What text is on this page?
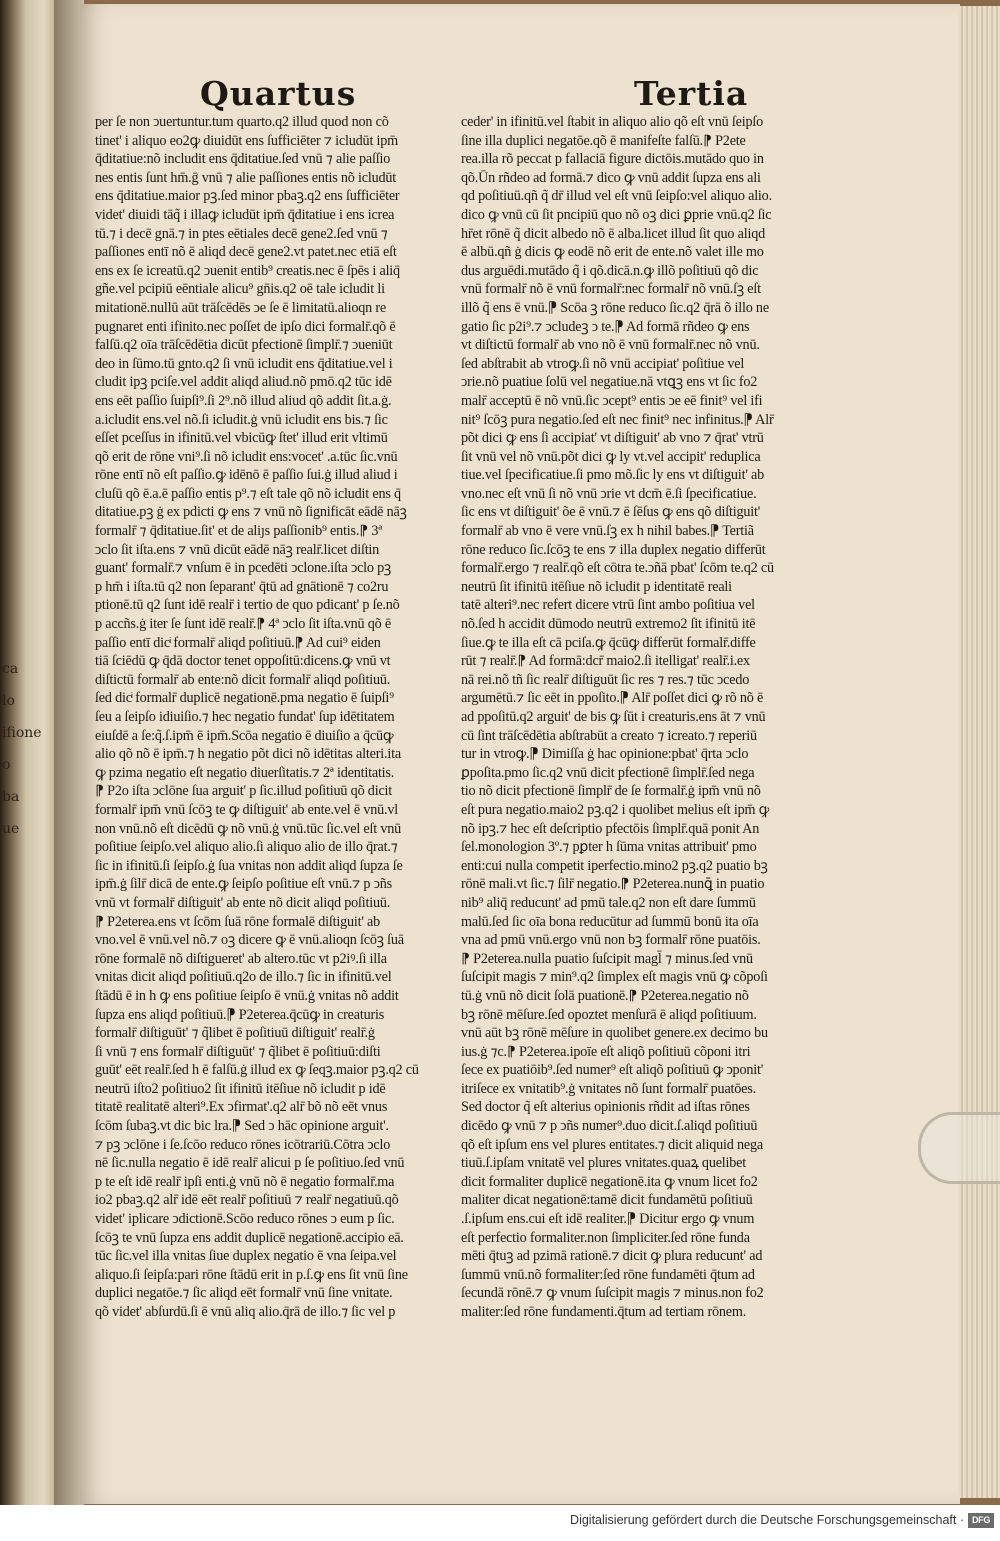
ca
lo
ifione
o
ba
ue
Quartus	Tertia
per ſe non ↄuertuntur.tum quarto.q2 illud quod non cõ
tinet' i aliquo eo2ꝙ diuidūt ens ſufficiēter ⁊ icludūt ipm̄
q̄ditatiue:nõ includit ens q̄ditatiue.ſed vnū ⁊ alie paſſio
nes entis ſunt hm̄.ḡ vnū ⁊ alie paſſiones entis nõ icludūt
ens q̄ditatiue.maior pꝫ.ſed minor pbaꝫ.q2 ens ſufficiēter
videt' diuidi tāq̃ i illaꝙ icludūt ipm̄ q̄ditatiue i ens icrea
tū.⁊ i decē gnā.⁊ in ptes eētiales decē gene2.ſed vnū ⁊
paſſiones entī nõ ē aliqd decē gene2.vt patet.nec etiā eſt
ens ex ſe icreatū.q2 ↄuenit entib⁹ creatis.nec ē ſpēs i aliq̄
gñe.vel pcipiū eēntiale alicu⁹ gn̄is.q2 oē tale icludit li
mitationē.nullū aūt trāſcēdēs ↄe ſe ē limitatū.alioqn re
pugnaret enti ifinito.nec poſſet de ipſo dici formalr̄.qõ ē
falſū.q2 oīa trāſcēdētia dicūt pfectionē ſimplr̄.⁊ ↄueniūt
deo in ſūmo.tū gnto.q2 ſi vnū icludit ens q̄ditatiue.vel i
cludit ipꝫ pciſe.vel addit aliqd aliud.nõ pmō.q2 tūc idē
ens eēt paſſio ſuipſi⁹.ſi 2⁹.nõ illud aliud qõ addit ſit.a.ġ.
a.icludit ens.vel nõ.ſi icludit.ġ vnū icludit ens bis.⁊ ſic
eſſet pceſſus in ifinitū.vel vbicūꝙ ſtet' illud erit vltimū
qõ erit de rōne vni⁹.ſi nõ icludit ens:vocet' .a.tūc ſic.vnū
rōne entī nõ eſt paſſio.ꝙ idēnō ē paſſio ſui.ġ illud aliud i
cluſū qõ ē.a.ē paſſio entis p⁹.⁊ eſt tale qõ nõ icludit ens q̄
ditatiue.pꝫ ġ ex pdicti ꝙ ens ⁊ vnū nõ ſignificāt eādē nāꝫ
formalr̄ ⁊ q̄ditatiue.ſit' et de aliȷs paſſionib⁹ entis.⁋ 3ª
ↄclo ſit iſta.ens ⁊ vnū dicūt eādē nāꝫ realr̄.licet diſtin
guant' formalr̄.⁊ vnſum ē in pcedēti ↄclone.iſta ↄclo pꝫ
p hm̄ i iſta.tū q2 non ſeparant' q̄tū ad gnātionē ⁊ co2ru
ptionē.tū q2 ſunt idē realr̄ i tertio de quo pdicant' p ſe.nõ
p accñs.ġ iter ſe ſunt idē realr̄.⁋ 4ª ↄclo ſit iſta.vnū qõ ē
paſſio entī dicͥ formalr̄ aliqd poſitiuū.⁋ Ad cui⁹ eiden
tiā ſciēdū ꝙ q̄dā doctor tenet oppoſitū:dicens.ꝙ vnū vt
diſtictū formalr̄ ab ente:nõ dicit formalr̄ aliqd poſitiuū.
ſed dicͥ formalr̄ duplicē negationē.pma negatio ē ſuipſi⁹
ſeu a ſeipſo idiuiſio.⁊ hec negatio fundat' ſup idētitatem
eiuſdē a ſe:q̃.ſ.ipm̄ ē ipm̄.Scōa negatio ē diuiſio a q̄cūꝙ
alio qõ nõ ē ipm̄.⁊ h negatio põt dici nõ idētitas alteri.ita
ꝙ pzima negatio eſt negatio diuerſitatis.⁊ 2ª identitatis.
⁋ P2o iſta ↄclōne ſua arguit' p ſic.illud poſitiuū qõ dicit
formalr̄ ipm̄ vnū ſcōꝫ te ꝙ diſtiguit' ab ente.vel ē vnū.vl
non vnū.nõ eſt dicēdū ꝙ nõ vnū.ġ vnū.tūc ſic.vel eſt vnū
poſitiue ſeipſo.vel aliquo alio.ſi aliquo alio de illo q̄rat.⁊
ſic in ifinitū.ſi ſeipſo.ġ ſua vnitas non addit aliqd ſupza ſe
ipm̄.ġ ſilr̄ dicā de ente.ꝙ ſeipſo poſitiue eſt vnū.⁊ p ↄñs
vnū vt formalr̄ diſtiguit' ab ente nõ dicit aliqd poſitiuū.
⁋ P2eterea.ens vt ſcōm ſuā rōne formalē diſtiguit' ab
vno.vel ē vnū.vel nõ.⁊ oꝫ dicere ꝙ ē vnū.alioqn ſcōꝫ ſuā
rōne formalē nõ diſtigueret' ab altero.tūc vt p2iꝰ.ſi illa
vnitas dicit aliqd poſitiuū.q2o de illo.⁊ ſic in ifinitū.vel
ſtādū ē in h ꝙ ens poſitiue ſeipſo ē vnū.ġ vnitas nõ addit
ſupza ens aliqd poſitiuū.⁋ P2eterea.q̄cūꝙ in creaturis
formalr̄ diſtiguūt' ⁊ q̃libet ē poſitiuū diſtiguit' realr̄.ġ
ſi vnū ⁊ ens formalr̄ diſtiguūt' ⁊ q̃libet ē poſitiuū:diſti
guūt' eēt realr̄.ſed h ē falſū.ġ illud ex ꝙ ſeqꝫ.maior pꝫ.q2 cū
neutrū iſto2 poſitiuo2 ſit ifinitū itēſiue nõ icludit p idē
titatē realitatē alteri⁹.Ex ↄfirmat'.q2 alr̄ bõ nõ eēt vnus
ſcōm ſubaꝫ.vt dic bic lra.⁋ Sed ↄ hāc opinione arguit'.
⁊ pꝫ ↄclōne i ſe.ſcōo reduco rōnes icōtrariū.Cōtra ↄclo
nē ſic.nulla negatio ē idē realr̄ alicui p ſe poſitiuo.ſed vnū
p te eſt idē realr̄ ipſi enti.ġ vnū nõ ē negatio formalr̄.ma
io2 pbaꝫ.q2 alr̄ idē eēt realr̄ poſitiuū ⁊ realr̄ negatiuū.qõ
videt' iplicare ↄdictionē.Scōo reduco rōnes ↄ eum p ſic.
ſcōꝫ te vnū ſupza ens addit duplicē negationē.accipio eā.
tūc ſic.vel illa vnitas ſiue duplex negatio ē vna ſeipa.vel
aliquo.ſi ſeipſa:pari rōne ſtādū erit in p.ſ.ꝙ ens ſit vnū ſine
duplici negatōe.⁊ ſic aliqd eēt formalr̄ vnū ſine vnitate.
qõ videt' abſurdū.ſi ē vnū aliq alio.q̄rā de illo.⁊ ſic vel p
ceder' in ifinitū.vel ſtabit in aliquo alio qõ eſt vnū ſeipſo
ſine illa duplici negatōe.qõ ē manifeſte falſū.⁋ P2ete
rea.illa rõ peccat p fallaciā figure dictōis.mutādo quo in
qõ.Ūn rñdeo ad formā.⁊ dico ꝙ vnū addit ſupza ens ali
qd poſitiuū.qñ q̃ dr̄ illud vel eſt vnū ſeipſo:vel aliquo alio.
dico ꝙ vnū cū ſit pncipiū quo nõ oꝫ dici ꝑprie vnū.q2 ſic
hr̄et rōnē q̃ dicit albedo nõ ē alba.licet illud ſit quo aliqd
ē albū.qñ ġ dicis ꝙ eodē nõ erit de ente.nõ valet ille mo
dus arguēdi.mutādo q̃ i qõ.dicā.n.ꝙ illõ poſitiuū qõ dic
vnū formalr̄ nõ ē vnū formalr̄:nec formalr̄ nõ vnū.ſꝫ eſt
illõ q̃ ens ē vnū.⁋ Scōa ꝫ rōne reduco ſic.q2 q̄rā õ illo ne
gatio ſic p2i⁹.⁊ ↄcludeꝫ ↄ te.⁋ Ad formā rñdeo ꝙ ens
vt diſtictū formalr̄ ab vno nõ ē vnū formalr̄.nec nõ vnū.
ſed abſtrabit ab vtroꝙ.ſi nõ vnū accipiat' poſitiue vel
ↄrie.nõ puatiue ſolū vel negatiue.nā vtꝗꝫ ens vt ſic fo2
malr̄ acceptū ē nõ vnū.ſic ↄcept⁹ entis ↄe eē finit⁹ vel ifi
nit⁹ ſcōꝫ pura negatio.ſed eſt nec finit⁹ nec infinitus.⁋ Alr̄
põt dici ꝙ ens ſi accipiat' vt diſtiguit' ab vno ⁊ q̄rat' vtrū
ſit vnū vel nõ vnū.põt dici ꝙ ly vt.vel accipit' reduplica
tiue.vel ſpecificatiue.ſi pmo mõ.ſic ly ens vt diſtiguit' ab
vno.nec eſt vnū ſi nõ vnū ↄrie vt dcm̄ ē.ſi ſpecificatiue.
ſic ens vt diſtiguit' õe ē vnū.⁊ ē ſēſus ꝙ ens qõ diſtiguit'
formalr̄ ab vno ē vere vnū.ſꝫ ex h nihil babes.⁋ Tertiã
rōne reduco ſic.ſcōꝫ te ens ⁊ illa duplex negatio differūt
formalr̄.ergo ⁊ realr̄.qõ eſt cōtra te.ↄñā pbat' ſcōm te.q2 cū
neutrū ſit ifinitū itēſiue nõ icludit p identitatē reali
tatē alteri⁹.nec refert dicere vtrū ſint ambo poſitiua vel
nõ.ſed h accidit dūmodo neutrū extremo2 ſit ifinitū itē
ſiue.ꝙ te illa eſt cā pciſa.ꝙ q̄cūꝙ differūt formalr̄.diffe
rūt ⁊ realr̄.⁋ Ad formā:dcr̄ maio2.ſi itelligat' realr̄.i.ex
nā rei.nõ tñ ſic realr̄ diſtiguūt ſic res ⁊ res.⁊ tūc ↄcedo
argumētū.⁊ ſic eēt in ppoſito.⁋ Alr̄ poſſet dici ꝙ rõ nõ ē
ad ppoſitū.q2 arguit' de bis ꝙ ſūt i creaturis.ens āt ⁊ vnū
cū ſint trāſcēdētia abſtrabūt a creato ⁊ icreato.⁊ reperiū
tur in vtroꝙ.⁋ Dimiſſa ġ hac opinione:pbat' q̄rta ↄclo
ꝑpoſita.pmo ſic.q2 vnū dicit pfectionē ſimplr̄.ſed nega
tio nõ dicit pfectionē ſimplr̄ de ſe formalr̄.ġ ipm̄ vnū nõ
eſt pura negatio.maio2 pꝫ.q2 i quolibet melius eſt ipm̄ ꝙ
nõ ipꝫ.⁊ hec eſt deſcriptio pfectōis ſimplr̄.quā ponit An
ſel.monologion 3º.⁊ pꝑter h ſūma vnitas attribuit' pmo
enti:cui nulla competit iperfectio.mino2 pꝫ.q2 puatio bꝫ
rōnē mali.vt ſic.⁊ ſilr̄ negatio.⁋ P2eterea.nunꝗ̄ in puatio
nib⁹ aliq̄ reducunt' ad pmū tale.q2 non eſt dare ſummū
malū.ſed ſic oīa bona reducūtur ad ſummū bonū ita oīa
vna ad pmū vnū.ergo vnū non bꝫ formalr̄ rōne puatōis.
⁋ P2eterea.nulla puatio ſuſcipit magl̄ ⁊ minus.ſed vnū
ſuſcipit magis ⁊ min⁹.q2 ſimplex eſt magis vnū ꝙ cõpoſi
tū.ġ vnū nõ dicit ſolā puationē.⁋ P2eterea.negatio nõ
bꝫ rōnē mēſure.ſed opoztet menſurā ē aliqd poſitiuum.
vnū aūt bꝫ rōnē mēſure in quolibet genere.ex decimo bu
ius.ġ ⁊c.⁋ P2eterea.ipoīe eſt aliqõ poſitiuū cõponi itri
ſece ex puatiōib⁹.ſed numer⁹ eſt aliqõ poſitiuū ꝙ ↄponit'
itriſece ex vnitatib⁹.ġ vnitates nõ ſunt formalr̄ puatōes.
Sed doctor q̃ eſt alterius opinionis rñdit ad iſtas rōnes
dicēdo ꝙ vnū ⁊ p ↄñs numer⁹.duo dicit.ſ.aliqd poſitiuū
qõ eſt ipſum ens vel plures entitates.⁊ dicit aliquid nega
tiuū.ſ.ipſam vnitatē vel plures vnitates.quaꝝ quelibet
dicit formaliter duplicē negationē.ita ꝙ vnum licet fo2
maliter dicat negationē:tamē dicit fundamētū poſitiuū
.ſ.ipſum ens.cui eſt idē realiter.⁋ Dicitur ergo ꝙ vnum
eſt perfectio formaliter.non ſimpliciter.ſed rōne funda
mēti q̄tuꝫ ad pzimā rationē.⁊ dicit ꝙ plura reducunt' ad
ſummū vnū.nõ formaliter:ſed rōne fundamēti q̄tum ad
ſecundā rōnē.⁊ ꝙ vnum ſuſcipit magis ⁊ minus.non fo2
maliter:ſed rōne fundamenti.q̄tum ad tertiam rōnem.
Digitalisierung gefördert durch die Deutsche Forschungsgemeinschaft · DFG
